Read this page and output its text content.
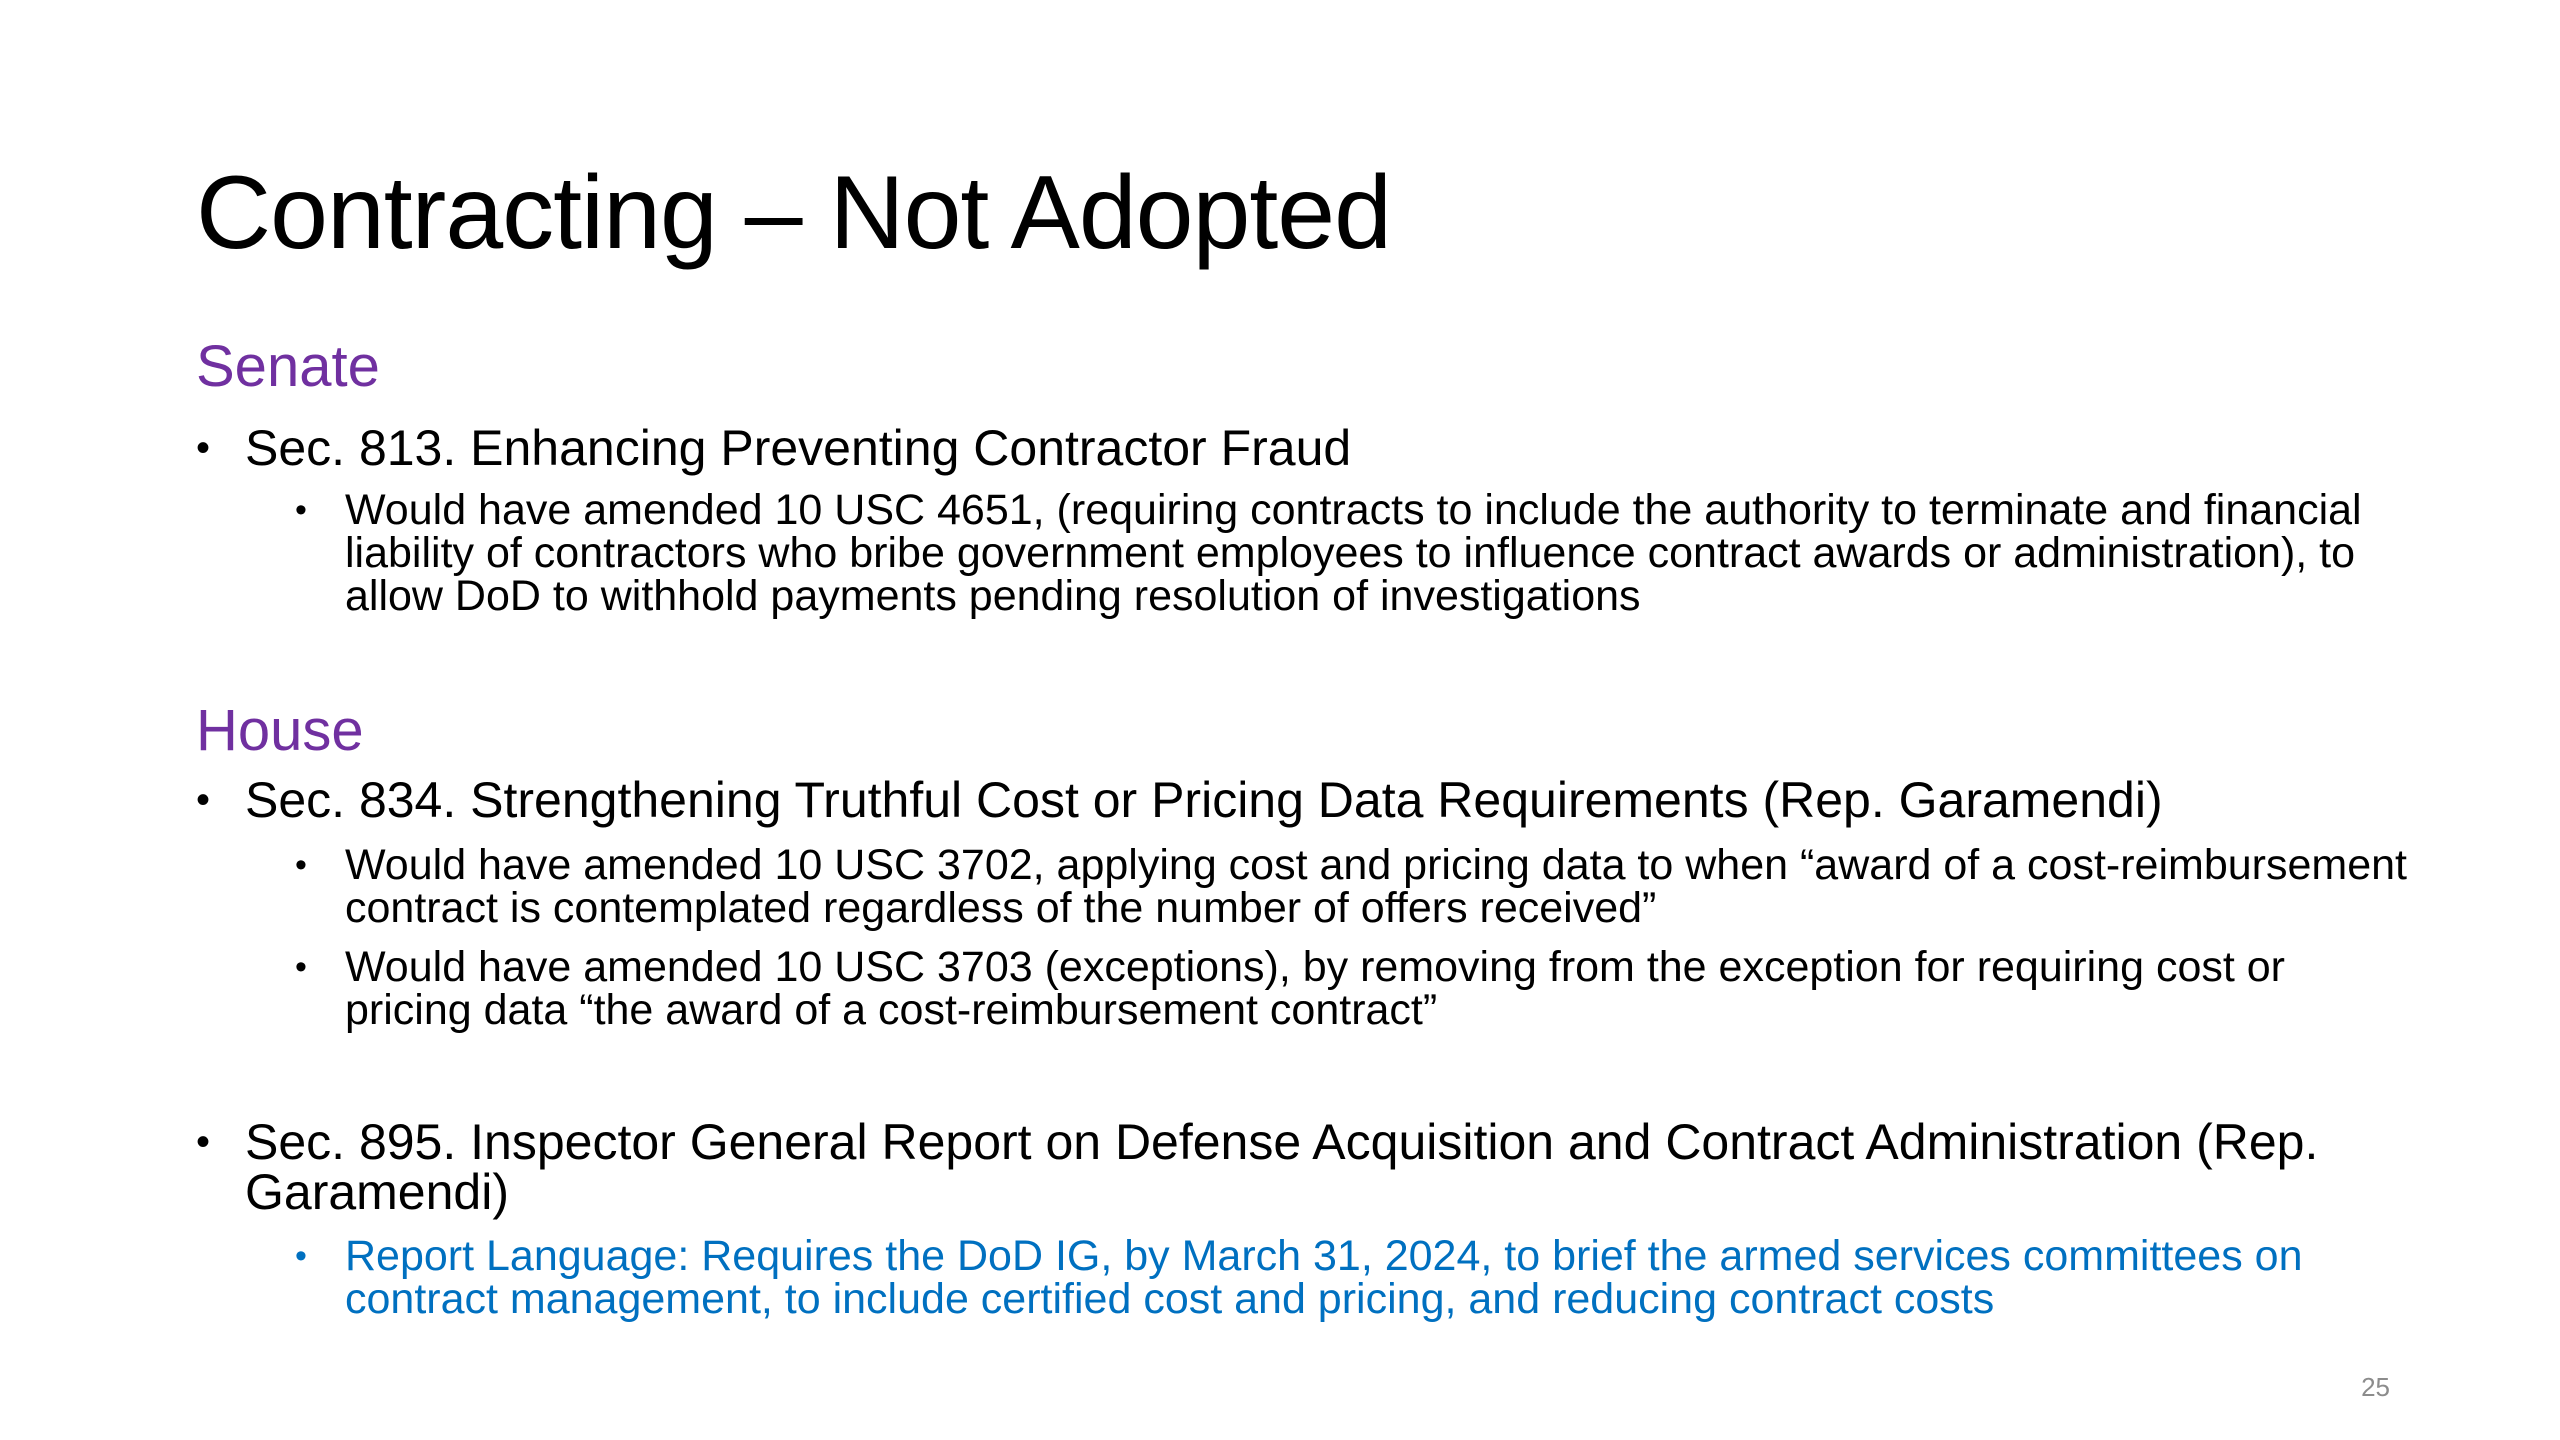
Contracting – Not Adopted
Senate
• Sec. 813. Enhancing Preventing Contractor Fraud
• Would have amended 10 USC 4651, (requiring contracts to include the authority to terminate and financial liability of contractors who bribe government employees to influence contract awards or administration), to allow DoD to withhold payments pending resolution of investigations
House
• Sec. 834. Strengthening Truthful Cost or Pricing Data Requirements (Rep. Garamendi)
• Would have amended 10 USC 3702, applying cost and pricing data to when “award of a cost-reimbursement contract is contemplated regardless of the number of offers received”
• Would have amended 10 USC 3703 (exceptions), by removing from the exception for requiring cost or pricing data “the award of a cost-reimbursement contract”
• Sec. 895. Inspector General Report on Defense Acquisition and Contract Administration (Rep. Garamendi)
• Report Language: Requires the DoD IG, by March 31, 2024, to brief the armed services committees on contract management, to include certified cost and pricing, and reducing contract costs
25
